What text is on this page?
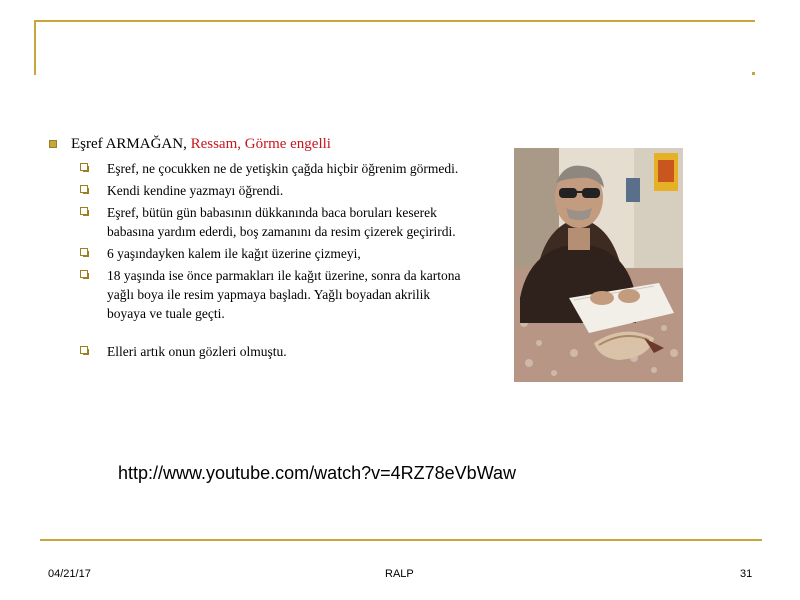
Eşref ARMAĞAN, Ressam, Görme engelli
Eşref, ne çocukken ne de yetişkin çağda hiçbir öğrenim görmedi.
Kendi kendine yazmayı öğrendi.
Eşref, bütün gün babasının dükkanında baca boruları keserek babasına yardım ederdi, boş zamanını da resim çizerek geçirirdi.
6 yaşındayken kalem ile kağıt üzerine çizmeyi,
18 yaşında ise önce parmakları ile kağıt üzerine, sonra da kartona yağlı boya ile resim yapmaya başladı. Yağlı boyadan akrilik boyaya ve tuale geçti.
Elleri artık onun gözleri olmuştu.
http://www.youtube.com/watch?v=4RZ78eVbWaw
04/21/17	RALP	31
